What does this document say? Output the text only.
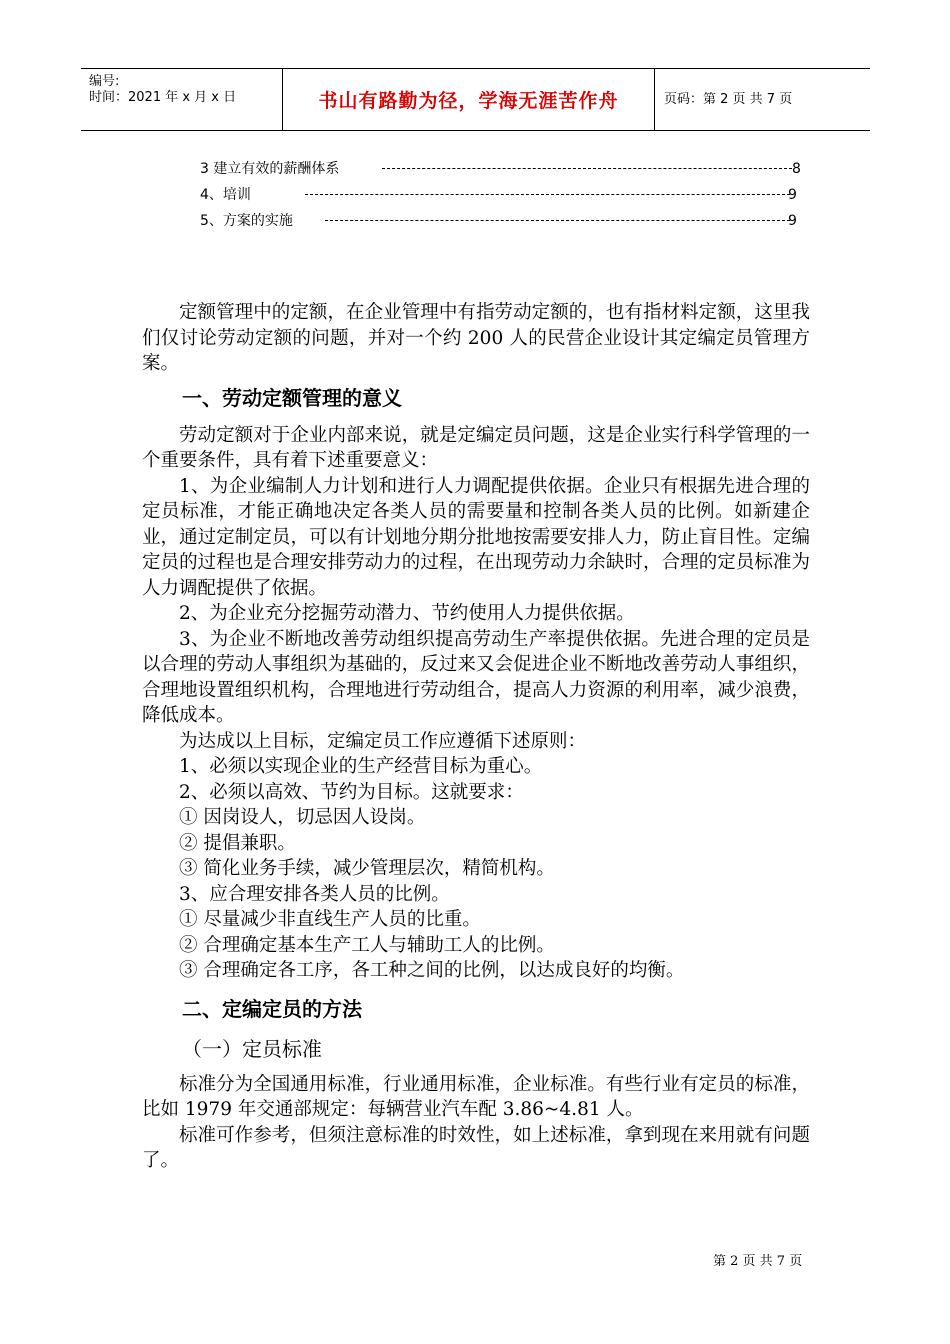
编号:
时间：2021 年 x 月 x 日	书山有路勤为径，学海无涯苦作舟	页码：第 2 页 共 7 页
3 建立有效的薪酬体系	8
4、培训	9
5、方案的实施	9

定额管理中的定额，在企业管理中有指劳动定额的，也有指材料定额，这里我们仅讨论劳动定额的问题，并对一个约 200 人的民营企业设计其定编定员管理方案。

一、劳动定额管理的意义

劳动定额对于企业内部来说，就是定编定员问题，这是企业实行科学管理的一个重要条件，具有着下述重要意义：

1、为企业编制人力计划和进行人力调配提供依据。企业只有根据先进合理的定员标准，才能正确地决定各类人员的需要量和控制各类人员的比例。如新建企业，通过定制定员，可以有计划地分期分批地按需要安排人力，防止盲目性。定编定员的过程也是合理安排劳动力的过程，在出现劳动力余缺时，合理的定员标准为人力调配提供了依据。

2、为企业充分挖掘劳动潜力、节约使用人力提供依据。

3、为企业不断地改善劳动组织提高劳动生产率提供依据。先进合理的定员是以合理的劳动人事组织为基础的，反过来又会促进企业不断地改善劳动人事组织，合理地设置组织机构，合理地进行劳动组合，提高人力资源的利用率，减少浪费，降低成本。

为达成以上目标，定编定员工作应遵循下述原则：

1、必须以实现企业的生产经营目标为重心。

2、必须以高效、节约为目标。这就要求：

① 因岗设人，切忌因人设岗。

② 提倡兼职。

③ 简化业务手续，减少管理层次，精简机构。

3、应合理安排各类人员的比例。

① 尽量减少非直线生产人员的比重。

② 合理确定基本生产工人与辅助工人的比例。

③ 合理确定各工序，各工种之间的比例，以达成良好的均衡。

二、定编定员的方法
（一）定员标准

标准分为全国通用标准，行业通用标准，企业标准。有些行业有定员的标准，比如 1979 年交通部规定：每辆营业汽车配 3.86~4.81 人。

标准可作参考，但须注意标准的时效性，如上述标准，拿到现在来用就有问题了。

第 2 页 共 7 页
